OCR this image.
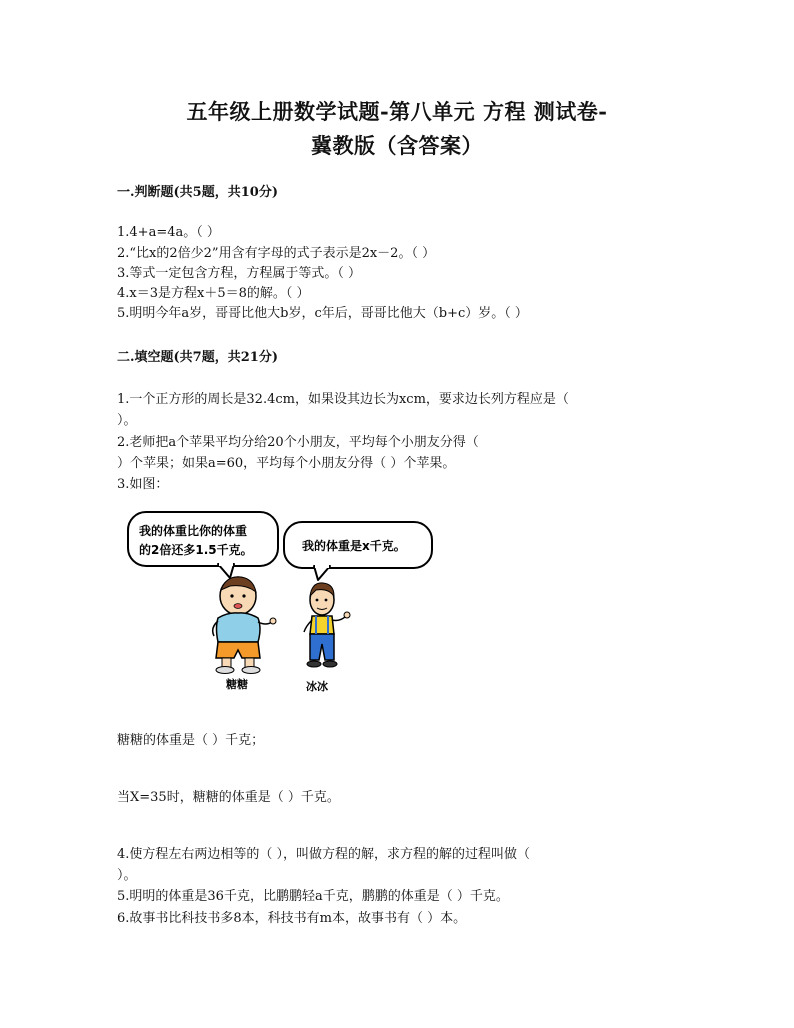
五年级上册数学试题-第八单元 方程 测试卷-
冀教版（含答案）
一.判断题(共5题，共10分)
1.4+a=4a。（ ）
2.“比x的2倍少2”用含有字母的式子表示是2x－2。（ ）
3.等式一定包含方程，方程属于等式。（ ）
4.x＝3是方程x＋5＝8的解。（ ）
5.明明今年a岁，哥哥比他大b岁，c年后，哥哥比他大（b+c）岁。（ ）
二.填空题(共7题，共21分)
1.一个正方形的周长是32.4cm，如果设其边长为xcm，要求边长列方程应是（
）。
2.老师把a个苹果平均分给20个小朋友，平均每个小朋友分得（
）个苹果；如果a=60，平均每个小朋友分得（ ）个苹果。
3.如图：
我的体重比你的体重
的2倍还多1.5千克。	我的体重是x千克。
糖糖	冰冰
糖糖的体重是（ ）千克；
当X=35时，糖糖的体重是（ ）千克。
4.使方程左右两边相等的（ ），叫做方程的解，求方程的解的过程叫做（
）。
5.明明的体重是36千克，比鹏鹏轻a千克，鹏鹏的体重是（ ）千克。
6.故事书比科技书多8本，科技书有m本，故事书有（ ）本。
